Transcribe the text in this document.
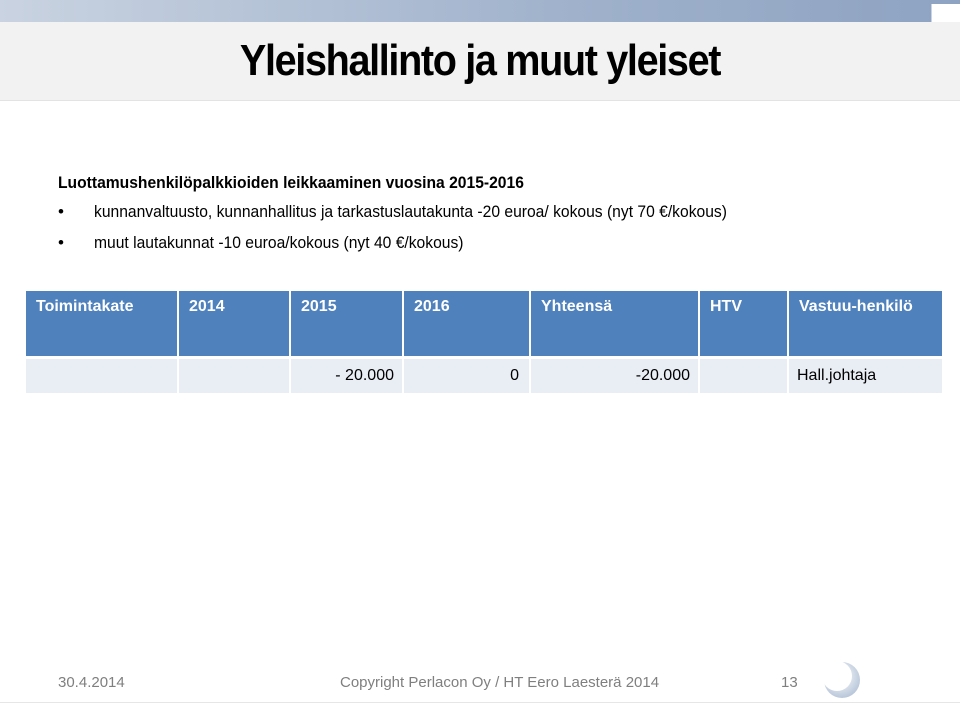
Yleishallinto ja muut yleiset
Luottamushenkilöpalkkioiden leikkaaminen vuosina 2015-2016
• kunnanvaltuusto, kunnanhallitus ja tarkastuslautakunta -20 euroa/ kokous (nyt 70 €/kokous)
• muut lautakunnat -10 euroa/kokous (nyt 40 €/kokous)
Toimintakate	2014	2015	2016	Yhteensä	HTV	Vastuu-henkilö
		- 20.000	0	-20.000		Hall.johtaja
30.4.2014	Copyright Perlacon Oy / HT Eero Laesterä 2014	13
